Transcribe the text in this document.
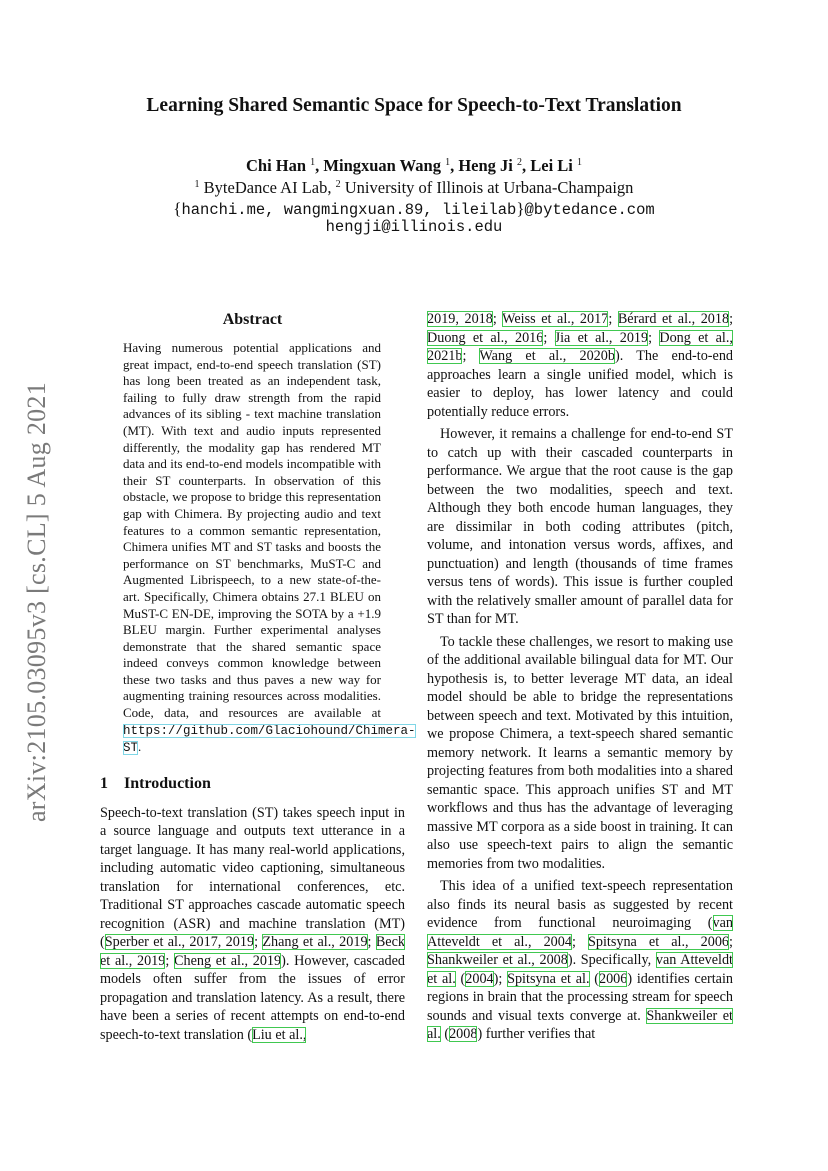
arXiv:2105.03095v3 [cs.CL] 5 Aug 2021
Learning Shared Semantic Space for Speech-to-Text Translation
Chi Han $^1$, Mingxuan Wang $^1$, Heng Ji $^2$, Lei Li $^1$
$^1$ ByteDance AI Lab, $^2$ University of Illinois at Urbana-Champaign
{hanchi.me, wangmingxuan.89, lileilab}@bytedance.com
hengji@illinois.edu
Abstract
Having numerous potential applications and great impact, end-to-end speech translation (ST) has long been treated as an independent task, failing to fully draw strength from the rapid advances of its sibling - text machine translation (MT). With text and audio inputs represented differently, the modality gap has rendered MT data and its end-to-end models incompatible with their ST counterparts. In observation of this obstacle, we propose to bridge this representation gap with Chimera. By projecting audio and text features to a common semantic representation, Chimera unifies MT and ST tasks and boosts the performance on ST benchmarks, MuST-C and Augmented Librispeech, to a new state-of-the-art. Specifically, Chimera obtains 27.1 BLEU on MuST-C EN-DE, improving the SOTA by a +1.9 BLEU margin. Further experimental analyses demonstrate that the shared semantic space indeed conveys common knowledge between these two tasks and thus paves a new way for augmenting training resources across modalities. Code, data, and resources are available at https://github.com/Glaciohound/Chimera-ST.
1 Introduction

Speech-to-text translation (ST) takes speech input in a source language and outputs text utterance in a target language. It has many real-world applications, including automatic video captioning, simultaneous translation for international conferences, etc. Traditional ST approaches cascade automatic speech recognition (ASR) and machine translation (MT) (Sperber et al., 2017, 2019; Zhang et al., 2019; Beck et al., 2019; Cheng et al., 2019). However, cascaded models often suffer from the issues of error propagation and translation latency. As a result, there have been a series of recent attempts on end-to-end speech-to-text translation (Liu et al.,

2019, 2018; Weiss et al., 2017; Bérard et al., 2018; Duong et al., 2016; Jia et al., 2019; Dong et al., 2021b; Wang et al., 2020b). The end-to-end approaches learn a single unified model, which is easier to deploy, has lower latency and could potentially reduce errors.

However, it remains a challenge for end-to-end ST to catch up with their cascaded counterparts in performance. We argue that the root cause is the gap between the two modalities, speech and text. Although they both encode human languages, they are dissimilar in both coding attributes (pitch, volume, and intonation versus words, affixes, and punctuation) and length (thousands of time frames versus tens of words). This issue is further coupled with the relatively smaller amount of parallel data for ST than for MT.

To tackle these challenges, we resort to making use of the additional available bilingual data for MT. Our hypothesis is, to better leverage MT data, an ideal model should be able to bridge the representations between speech and text. Motivated by this intuition, we propose Chimera, a text-speech shared semantic memory network. It learns a semantic memory by projecting features from both modalities into a shared semantic space. This approach unifies ST and MT workflows and thus has the advantage of leveraging massive MT corpora as a side boost in training. It can also use speech-text pairs to align the semantic memories from two modalities.

This idea of a unified text-speech representation also finds its neural basis as suggested by recent evidence from functional neuroimaging (van Atteveldt et al., 2004; Spitsyna et al., 2006; Shankweiler et al., 2008). Specifically, van Atteveldt et al. (2004); Spitsyna et al. (2006) identifies certain regions in brain that the processing stream for speech sounds and visual texts converge at. Shankweiler et al. (2008) further verifies that
